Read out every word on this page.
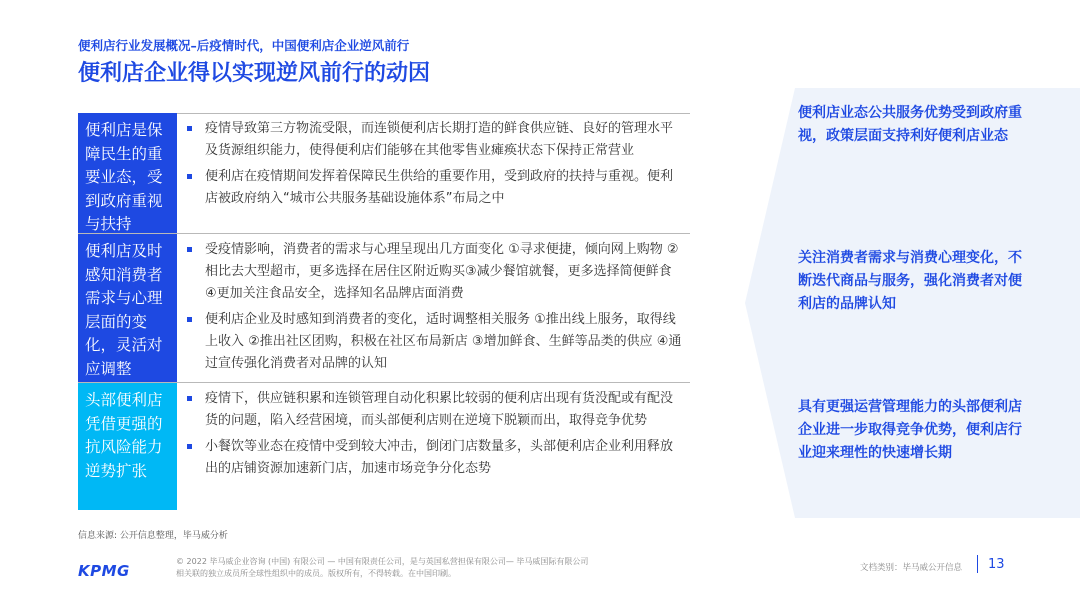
便利店行业发展概况–后疫情时代，中国便利店企业逆风前行
便利店企业得以实现逆风前行的动因
便利店是保障民生的重要业态，受到政府重视与扶持
疫情导致第三方物流受限，而连锁便利店长期打造的鲜食供应链、良好的管理水平及货源组织能力，使得便利店们能够在其他零售业瘫痪状态下保持正常营业
便利店在疫情期间发挥着保障民生供给的重要作用，受到政府的扶持与重视。便利店被政府纳入“城市公共服务基础设施体系”布局之中
便利店及时感知消费者需求与心理层面的变化，灵活对应调整
受疫情影响，消费者的需求与心理呈现出几方面变化 ①寻求便捷，倾向网上购物 ②相比去大型超市，更多选择在居住区附近购买③减少餐馆就餐，更多选择简便鲜食 ④更加关注食品安全，选择知名品牌店面消费
便利店企业及时感知到消费者的变化，适时调整相关服务 ①推出线上服务，取得线上收入 ②推出社区团购，积极在社区布局新店 ③增加鲜食、生鲜等品类的供应 ④通过宣传强化消费者对品牌的认知
头部便利店凭借更强的抗风险能力逆势扩张
疫情下，供应链积累和连锁管理自动化积累比较弱的便利店出现有货没配或有配没货的问题，陷入经营困境，而头部便利店则在逆境下脱颖而出，取得竞争优势
小餐饮等业态在疫情中受到较大冲击，倒闭门店数量多，头部便利店企业利用释放出的店铺资源加速新门店，加速市场竞争分化态势
便利店业态公共服务优势受到政府重视，政策层面支持利好便利店业态
关注消费者需求与消费心理变化，不断迭代商品与服务，强化消费者对便利店的品牌认知
具有更强运营管理能力的头部便利店企业进一步取得竞争优势，便利店行业迎来理性的快速增长期
信息来源: 公开信息整理，毕马威分析
KPMG
© 2022 毕马威企业咨询 (中国) 有限公司 — 中国有限责任公司，是与英国私营担保有限公司— 毕马威国际有限公司
相关联的独立成员所全球性组织中的成员。版权所有，不得转载。在中国印刷。
文档类别：毕马威公开信息 13
